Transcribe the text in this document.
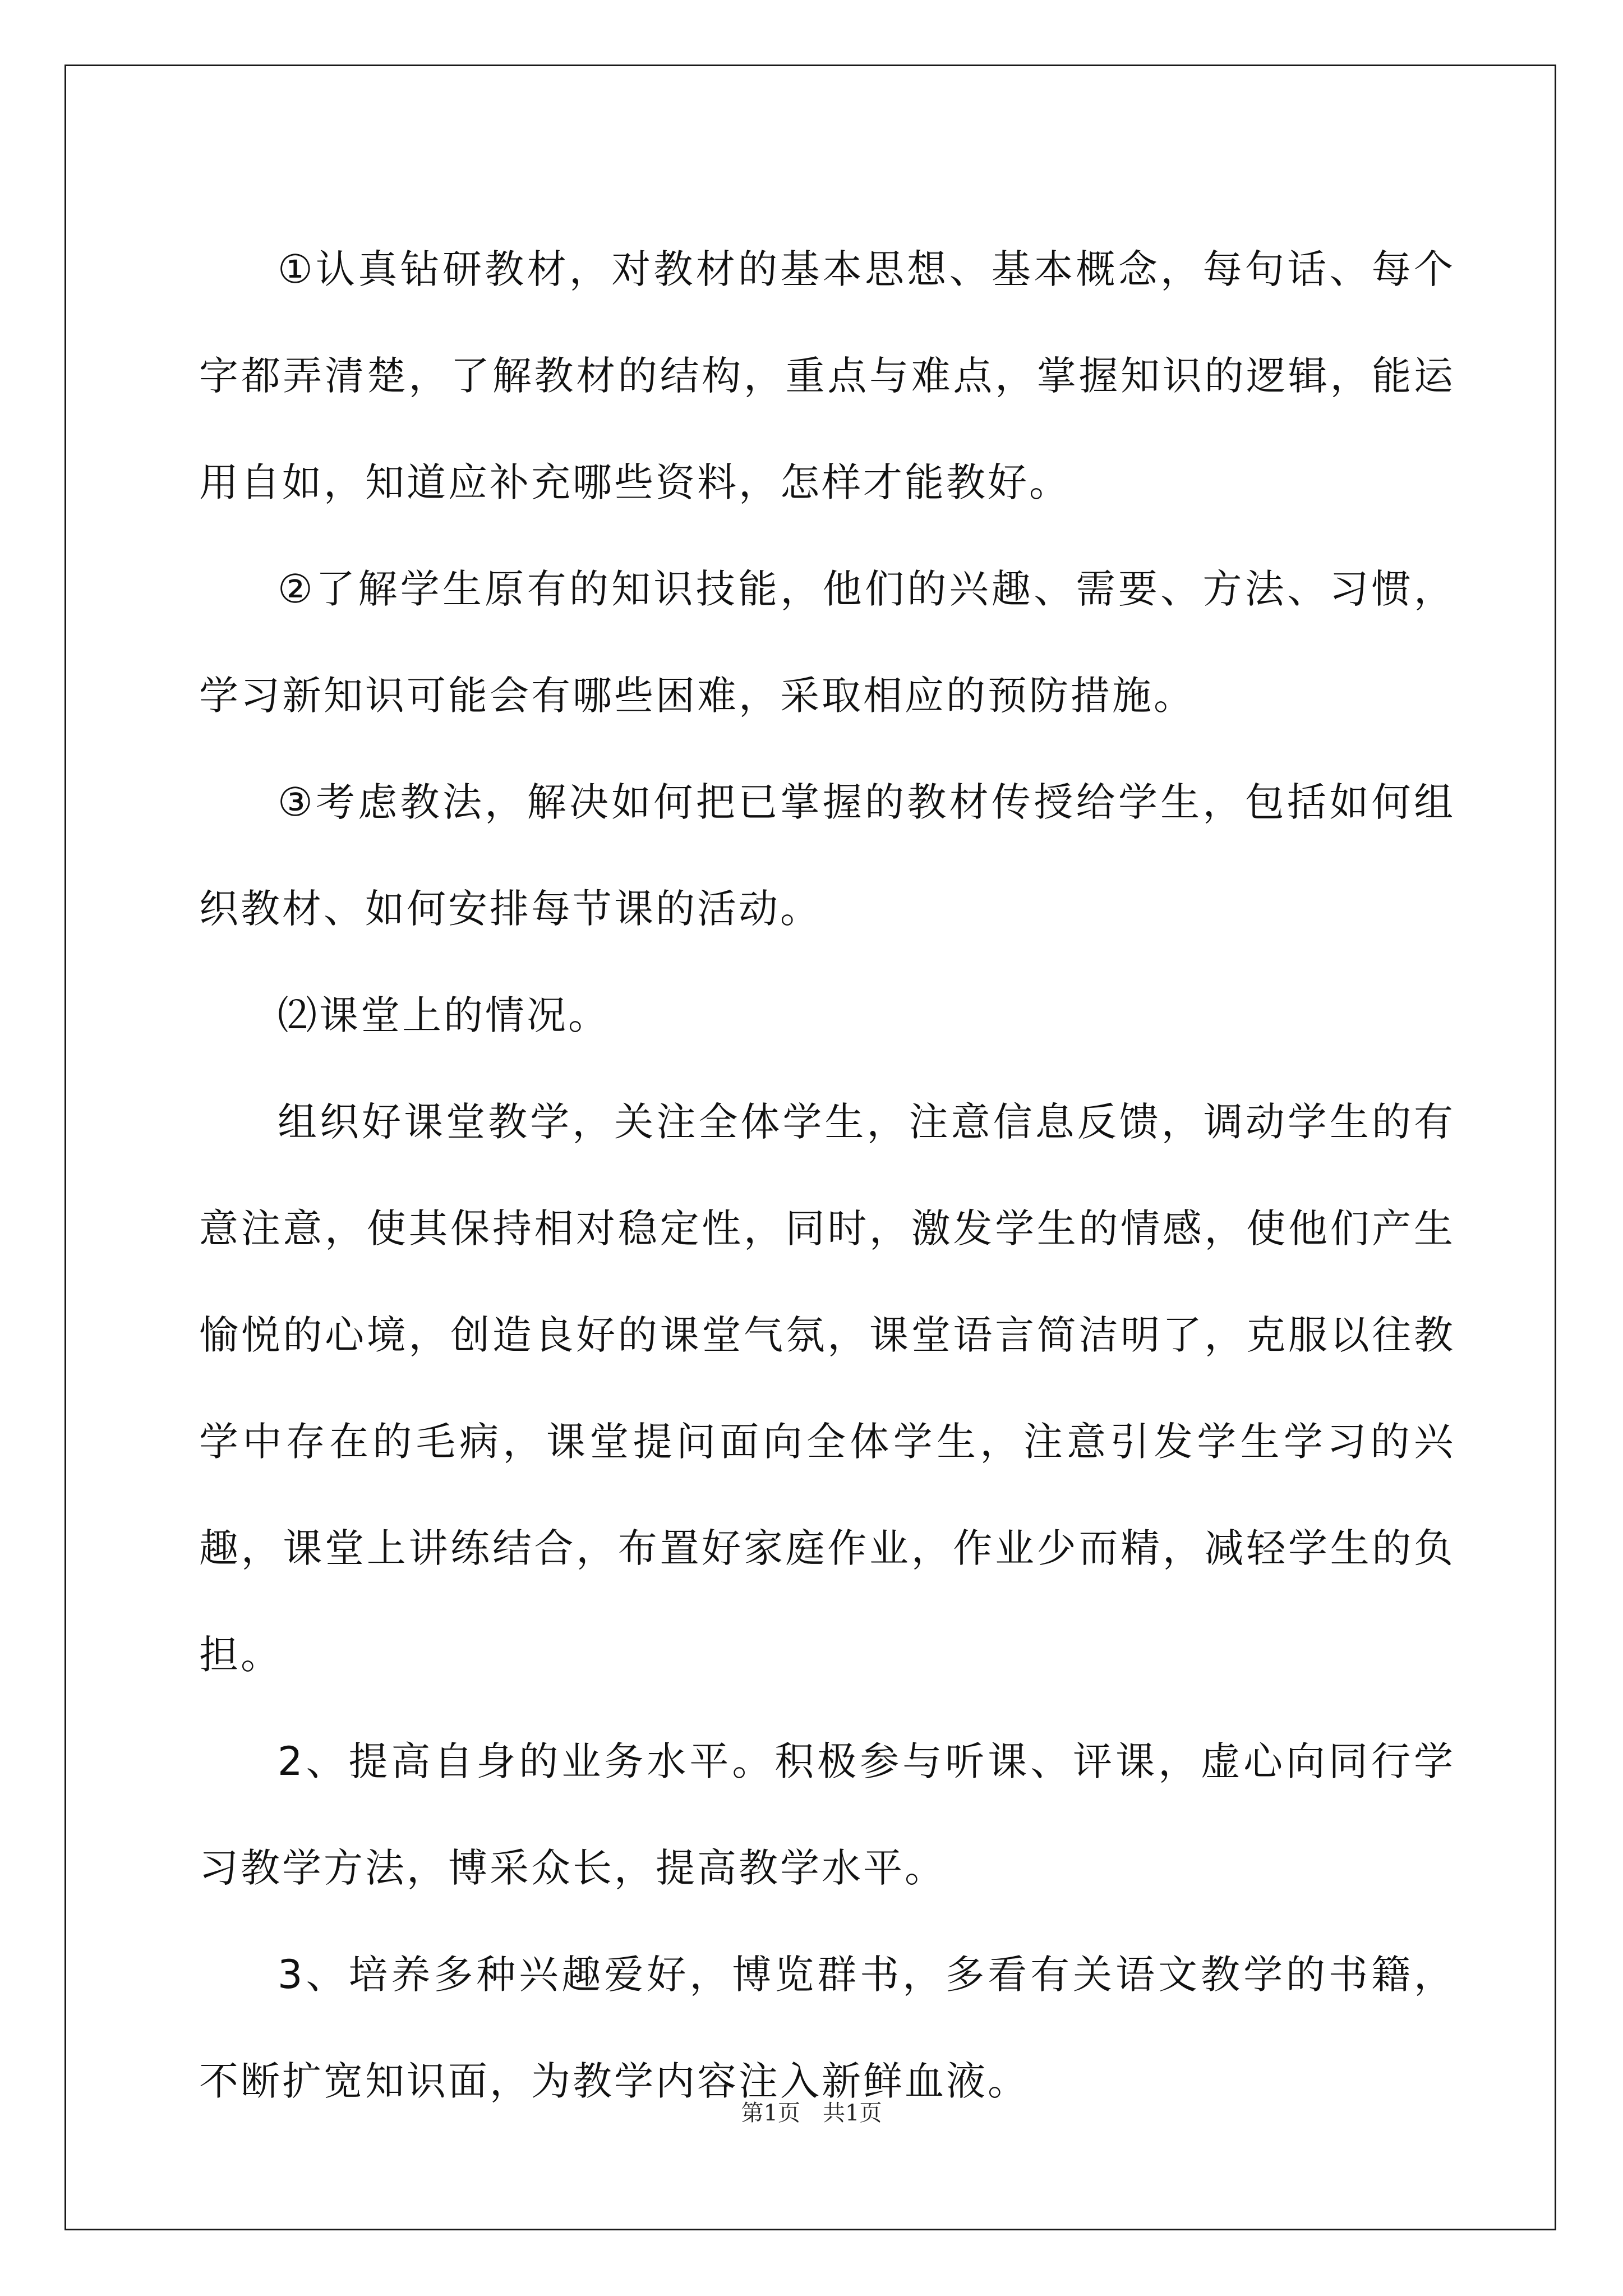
①认真钻研教材，对教材的基本思想、基本概念，每句话、每个字都弄清楚，了解教材的结构，重点与难点，掌握知识的逻辑，能运用自如，知道应补充哪些资料，怎样才能教好。

②了解学生原有的知识技能，他们的兴趣、需要、方法、习惯，学习新知识可能会有哪些困难，采取相应的预防措施。

③考虑教法，解决如何把已掌握的教材传授给学生，包括如何组织教材、如何安排每节课的活动。

⑵课堂上的情况。

组织好课堂教学，关注全体学生，注意信息反馈，调动学生的有意注意，使其保持相对稳定性，同时，激发学生的情感，使他们产生愉悦的心境，创造良好的课堂气氛，课堂语言简洁明了，克服以往教学中存在的毛病，课堂提问面向全体学生，注意引发学生学习的兴趣，课堂上讲练结合，布置好家庭作业，作业少而精，减轻学生的负担。

2、提高自身的业务水平。积极参与听课、评课，虚心向同行学习教学方法，博采众长，提高教学水平。

3、培养多种兴趣爱好，博览群书，多看有关语文教学的书籍，不断扩宽知识面，为教学内容注入新鲜血液。

第1页 共1页
